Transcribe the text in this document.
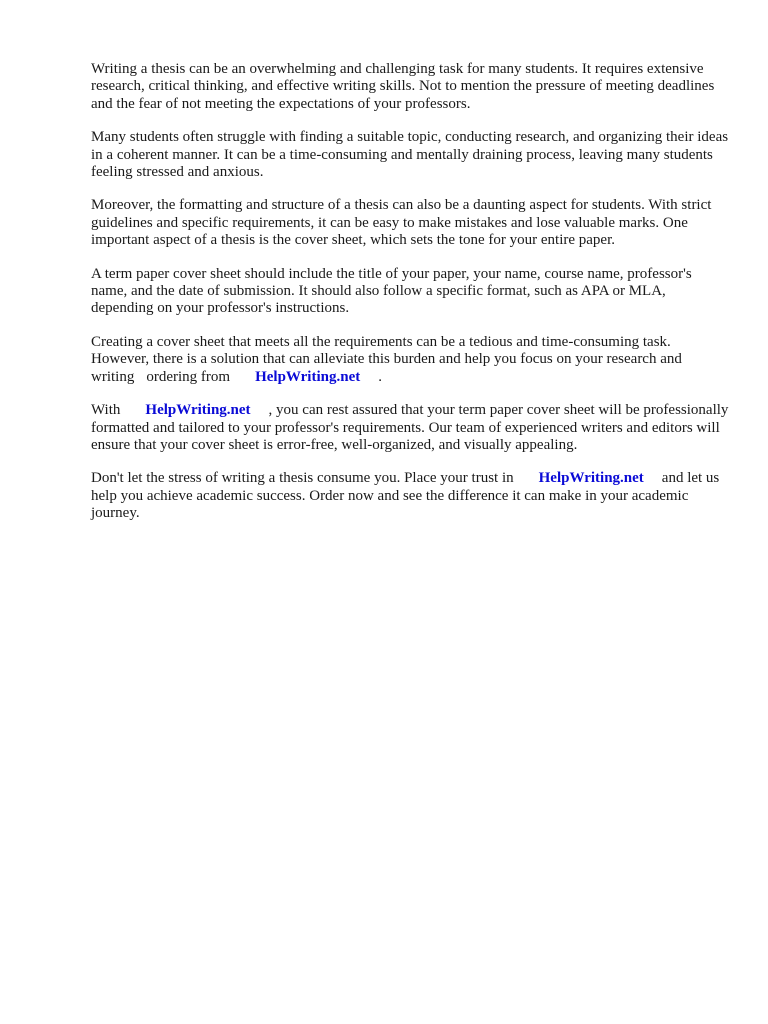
Writing a thesis can be an overwhelming and challenging task for many students. It requires extensive research, critical thinking, and effective writing skills. Not to mention the pressure of meeting deadlines and the fear of not meeting the expectations of your professors.

Many students often struggle with finding a suitable topic, conducting research, and organizing their ideas in a coherent manner. It can be a time-consuming and mentally draining process, leaving many students feeling stressed and anxious.

Moreover, the formatting and structure of a thesis can also be a daunting aspect for students. With strict guidelines and specific requirements, it can be easy to make mistakes and lose valuable marks. One important aspect of a thesis is the cover sheet, which sets the tone for your entire paper.

A term paper cover sheet should include the title of your paper, your name, course name, professor's name, and the date of submission. It should also follow a specific format, such as APA or MLA, depending on your professor's instructions.

Creating a cover sheet that meets all the requirements can be a tedious and time-consuming task. However, there is a solution that can alleviate this burden and help you focus on your research and writing ordering from HelpWriting.net .

With HelpWriting.net , you can rest assured that your term paper cover sheet will be professionally formatted and tailored to your professor's requirements. Our team of experienced writers and editors will ensure that your cover sheet is error-free, well-organized, and visually appealing.

Don't let the stress of writing a thesis consume you. Place your trust in HelpWriting.net and let us help you achieve academic success. Order now and see the difference it can make in your academic journey.
